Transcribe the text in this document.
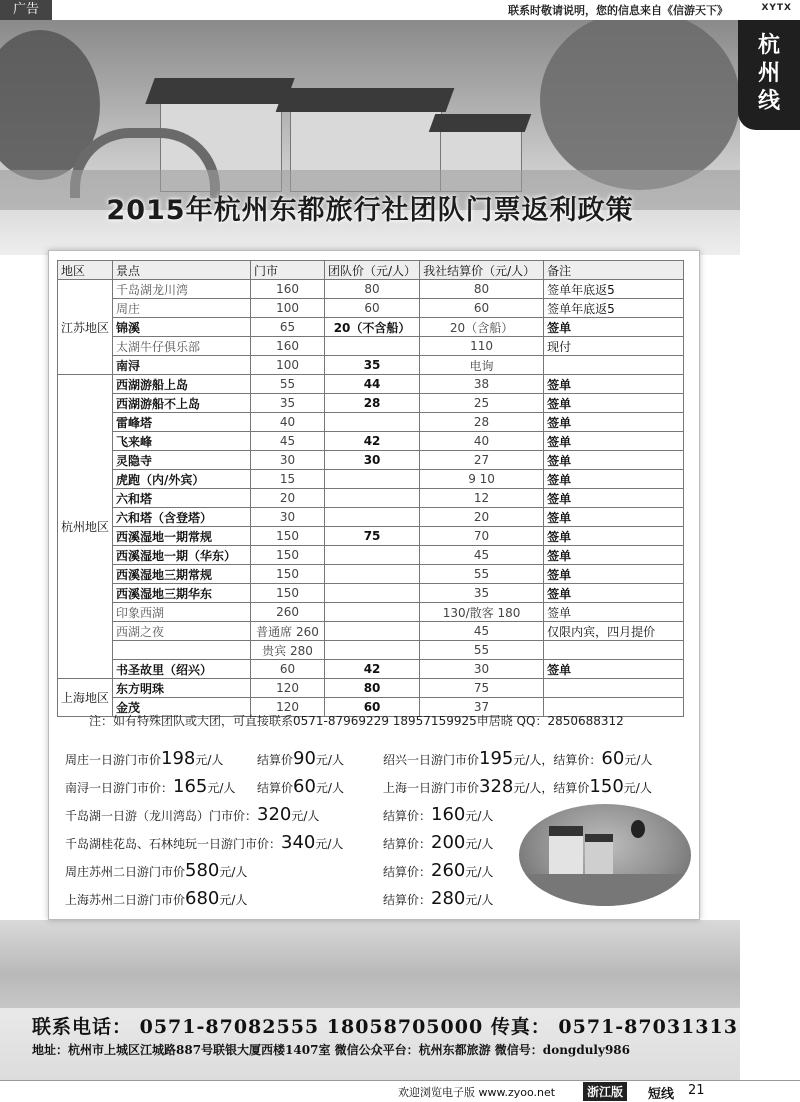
广告	联系时敬请说明，您的信息来自《信游天下》	XYTX
杭
州
线
2015年杭州东都旅行社团队门票返利政策
地区	景点	门市	团队价（元/人）	我社结算价（元/人）	备注
江苏地区	千岛湖龙川湾	160	80	80	签单年底返5
	周庄	100	60	60	签单年底返5
	锦溪	65	20（不含船）	20（含船）	签单
	太湖牛仔俱乐部	160		110	现付
	南浔	100	35	电询	
杭州地区	西湖游船上岛	55	44	38	签单
	西湖游船不上岛	35	28	25	签单
	雷峰塔	40		28	签单
	飞来峰	45	42	40	签单
	灵隐寺	30	30	27	签单
	虎跑（内/外宾）	15		9 10	签单
	六和塔	20		12	签单
	六和塔（含登塔）	30		20	签单
	西溪湿地一期常规	150	75	70	签单
	西溪湿地一期（华东）	150		45	签单
	西溪湿地三期常规	150		55	签单
	西溪湿地三期华东	150		35	签单
	印象西湖	260		130/散客 180	签单
	西湖之夜	普通席 260		45	仅限内宾，四月提价
		贵宾 280		55	
	书圣故里（绍兴）	60	42	30	签单
上海地区	东方明珠	120	80	75	
	金茂	120	60	37	
注：如有特殊团队或大团，可直接联系0571-87969229 18957159925申居晓 QQ：2850688312
周庄一日游门市价198元/人	结算价90元/人	绍兴一日游门市价195元/人，结算价：60元/人
南浔一日游门市价：165元/人 结算价60元/人	上海一日游门市价328元/人，结算价150元/人
千岛湖一日游（龙川湾岛）门市价：320元/人	结算价：160元/人
千岛湖桂花岛、石林纯玩一日游门市价：340元/人	结算价：200元/人
周庄苏州二日游门市价580元/人	结算价：260元/人
上海苏州二日游门市价680元/人	结算价：280元/人
联系电话： 0571-87082555 18058705000 传真： 0571-87031313
地址：杭州市上城区江城路887号联银大厦西楼1407室 微信公众平台：杭州东都旅游 微信号：dongduly986
欢迎浏览电子版 www.zyoo.net	浙江版	短线 21
